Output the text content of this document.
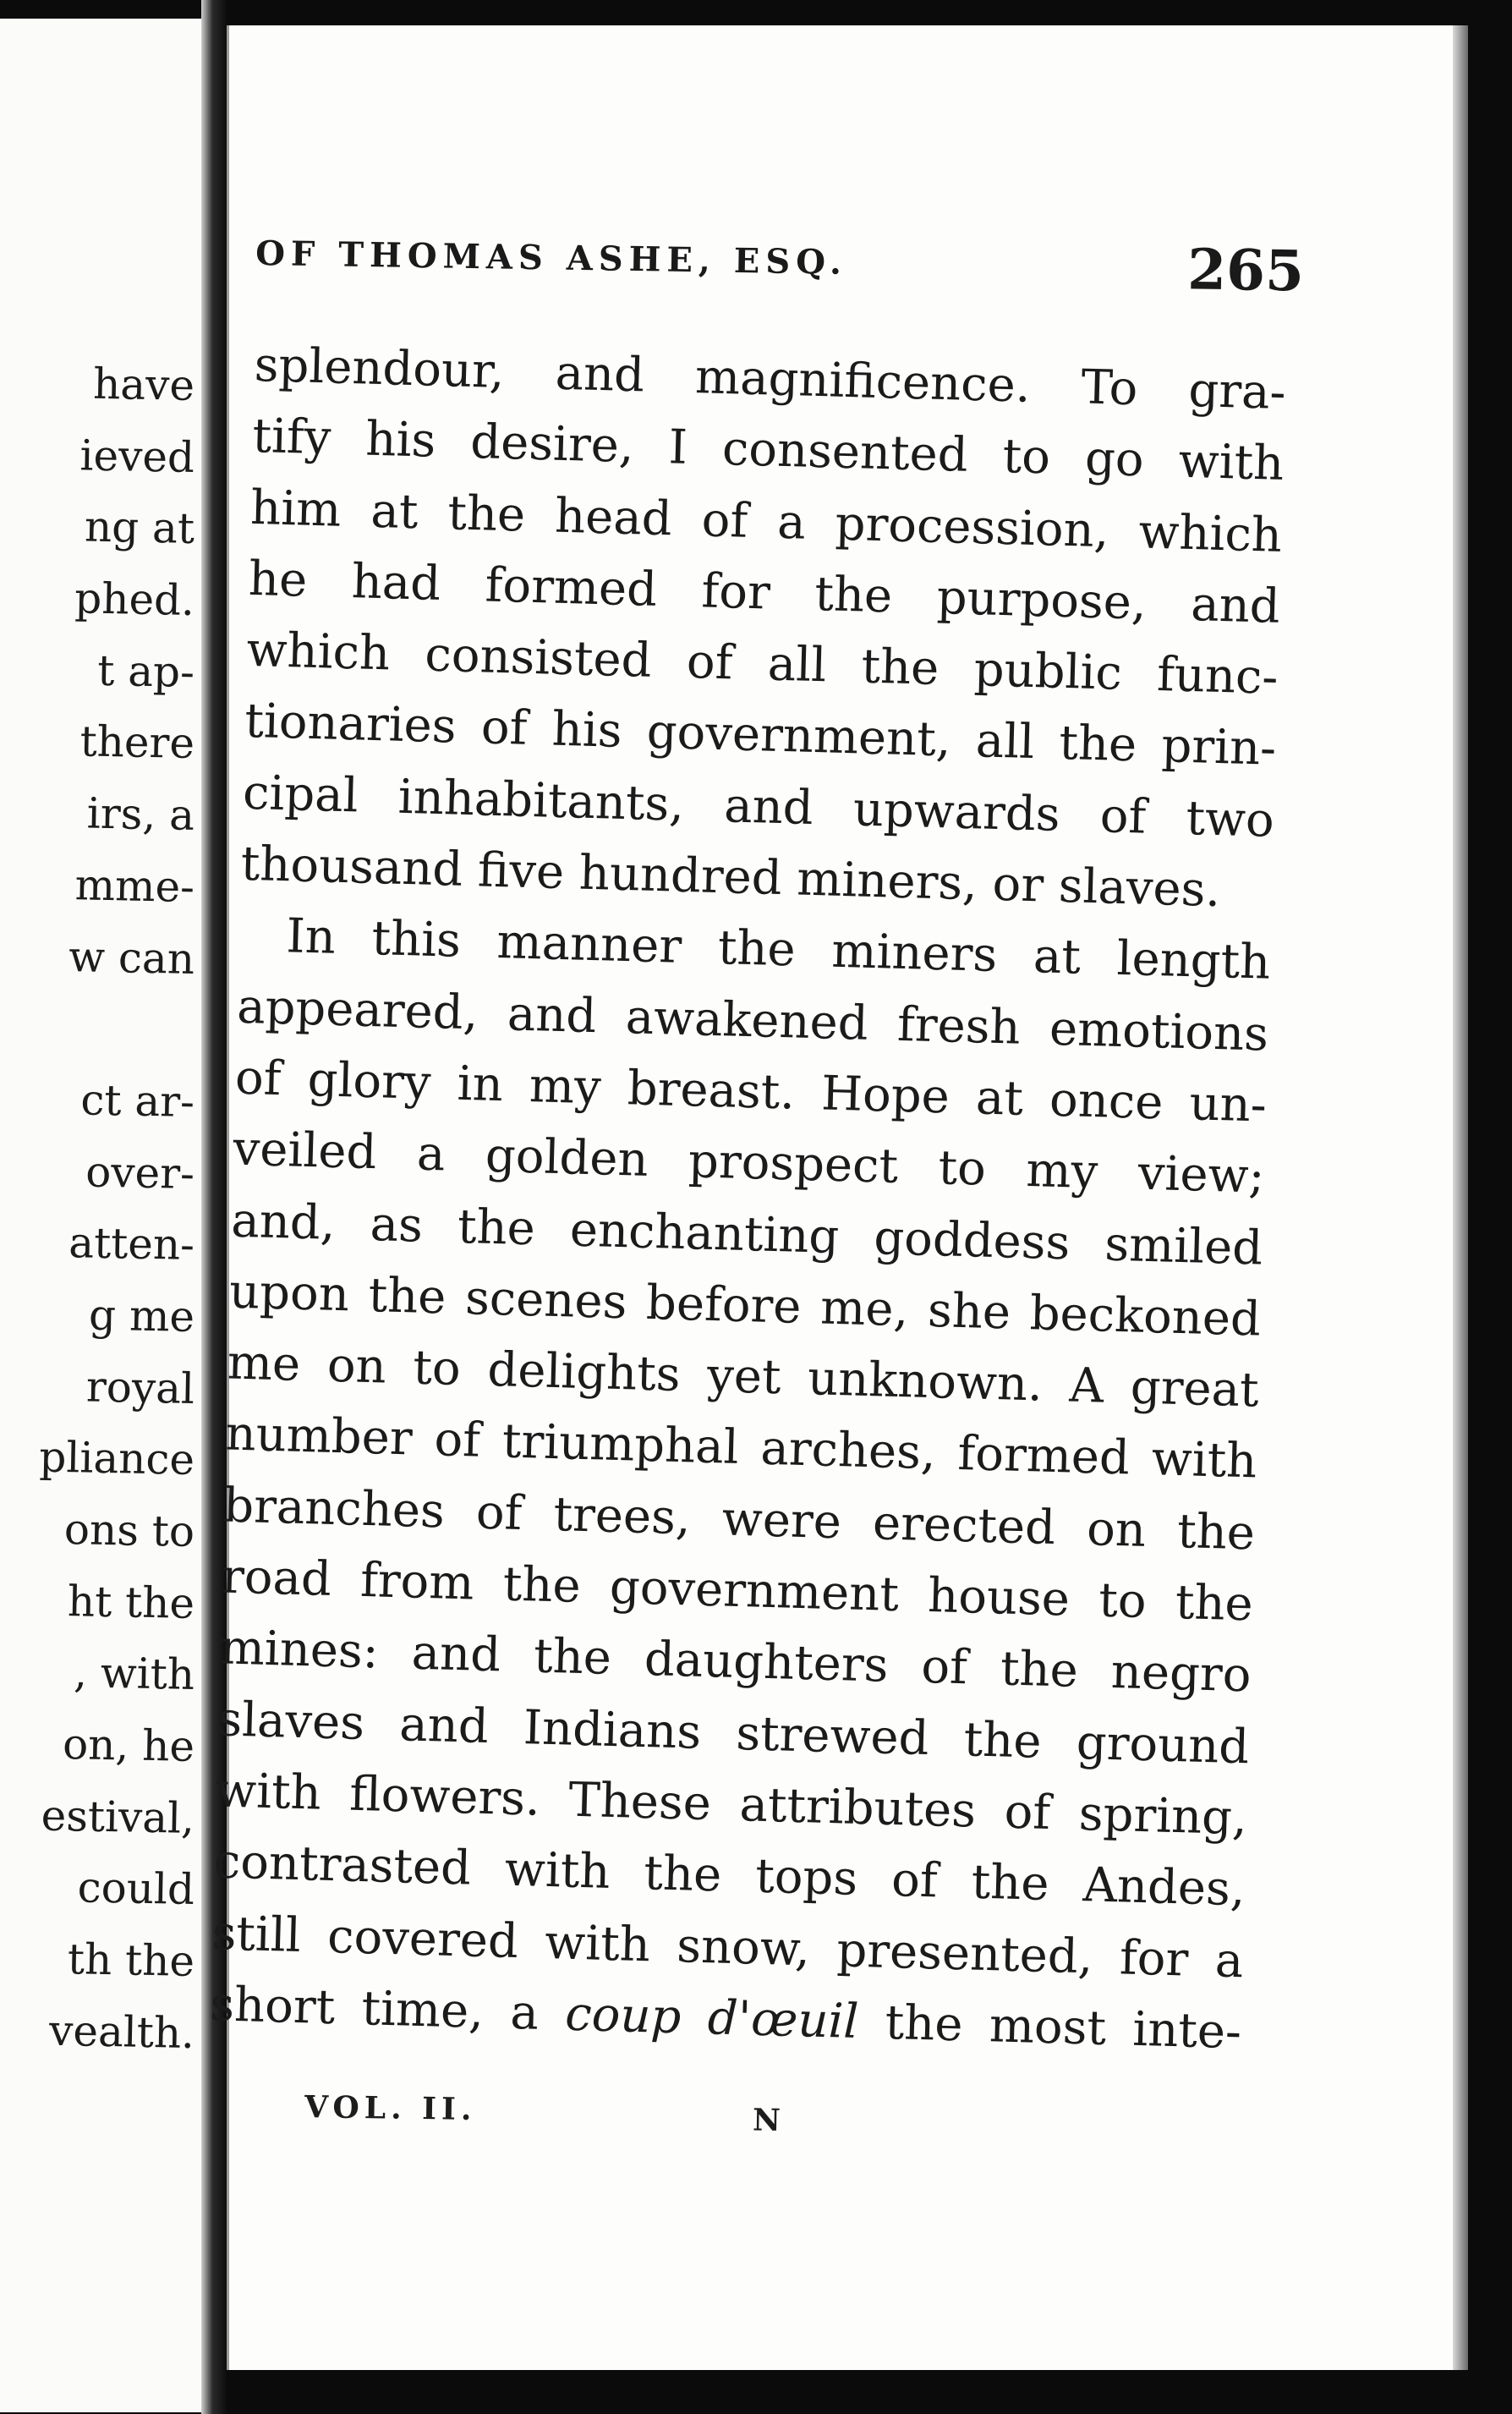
have
ieved
ng at
phed.
t ap-
there
irs, a
mme-
w can
ct ar-
over-
atten-
g me
royal
pliance
ons to
ht the
, with
on, he
estival,
could
th the
vealth.
OF THOMAS ASHE, ESQ.	265
splendour, and magnificence. To gra-
tify his desire, I consented to go with
him at the head of a procession, which
he had formed for the purpose, and
which consisted of all the public func-
tionaries of his government, all the prin-
cipal inhabitants, and upwards of two
thousand five hundred miners, or slaves.
In this manner the miners at length
appeared, and awakened fresh emotions
of glory in my breast. Hope at once un-
veiled a golden prospect to my view;
and, as the enchanting goddess smiled
upon the scenes before me, she beckoned
me on to delights yet unknown. A great
number of triumphal arches, formed with
branches of trees, were erected on the
road from the government house to the
mines: and the daughters of the negro
slaves and Indians strewed the ground
with flowers. These attributes of spring,
contrasted with the tops of the Andes,
still covered with snow, presented, for a
short time, a coup d'œuil the most inte-
VOL. II.	N
